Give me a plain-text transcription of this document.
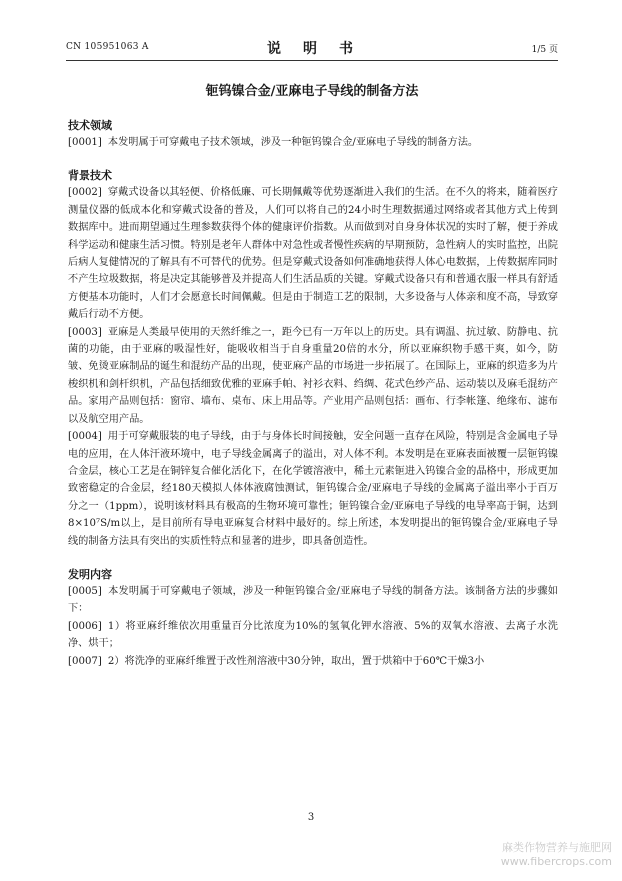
CN 105951063 A	说　明　书	1/5 页
钷钨镍合金/亚麻电子导线的制备方法
技术领域
[0001] 本发明属于可穿戴电子技术领域，涉及一种钷钨镍合金/亚麻电子导线的制备方法。
背景技术
[0002] 穿戴式设备以其轻便、价格低廉、可长期佩戴等优势逐渐进入我们的生活。在不久的将来，随着医疗测量仪器的低成本化和穿戴式设备的普及，人们可以将自己的24小时生理数据通过网络或者其他方式上传到数据库中。进而期望通过生理参数获得个体的健康评价指数。从而做到对自身身体状况的实时了解，便于养成科学运动和健康生活习惯。特别是老年人群体中对急性或者慢性疾病的早期预防，急性病人的实时监控，出院后病人复健情况的了解具有不可替代的优势。但是穿戴式设备如何准确地获得人体心电数据，上传数据库同时不产生垃圾数据，将是决定其能够普及并提高人们生活品质的关键。穿戴式设备只有和普通衣服一样具有舒适方便基本功能时，人们才会愿意长时间佩戴。但是由于制造工艺的限制，大多设备与人体亲和度不高，导致穿戴后行动不方便。
[0003] 亚麻是人类最早使用的天然纤维之一，距今已有一万年以上的历史。具有调温、抗过敏、防静电、抗菌的功能，由于亚麻的吸湿性好，能吸收相当于自身重量20倍的水分，所以亚麻织物手感干爽，如今，防皱、免烫亚麻制品的诞生和混纺产品的出现，使亚麻产品的市场进一步拓展了。在国际上，亚麻的织造多为片梭织机和剑杆织机，产品包括细致优雅的亚麻手帕、衬衫衣料、绉绸、花式色纱产品、运动装以及麻毛混纺产品。家用产品则包括：窗帘、墙布、桌布、床上用品等。产业用产品则包括：画布、行李帐篷、绝缘布、滤布以及航空用产品。
[0004] 用于可穿戴服装的电子导线，由于与身体长时间接触，安全问题一直存在风险，特别是含金属电子导电的应用，在人体汗液环境中，电子导线金属离子的溢出，对人体不利。本发明是在亚麻表面被覆一层钷钨镍合金层，核心工艺是在铜锌复合催化活化下，在化学镀溶液中，稀土元素钷进入钨镍合金的晶格中，形成更加致密稳定的合金层，经180天模拟人体体液腐蚀测试，钷钨镍合金/亚麻电子导线的金属离子溢出率小于百万分之一（1ppm），说明该材料具有极高的生物环境可靠性；钷钨镍合金/亚麻电子导线的电导率高于铜，达到8×10⁷S/m以上，是目前所有导电亚麻复合材料中最好的。综上所述，本发明提出的钷钨镍合金/亚麻电子导线的制备方法具有突出的实质性特点和显著的进步，即具备创造性。
发明内容
[0005] 本发明属于可穿戴电子领域，涉及一种钷钨镍合金/亚麻电子导线的制备方法。该制备方法的步骤如下：
[0006] 1）将亚麻纤维依次用重量百分比浓度为10%的氢氧化钾水溶液、5%的双氧水溶液、去离子水洗净、烘干；
[0007] 2）将洗净的亚麻纤维置于改性剂溶液中30分钟，取出，置于烘箱中于60℃干燥3小
3
麻类作物营养与施肥网
www.fibercrops.com
